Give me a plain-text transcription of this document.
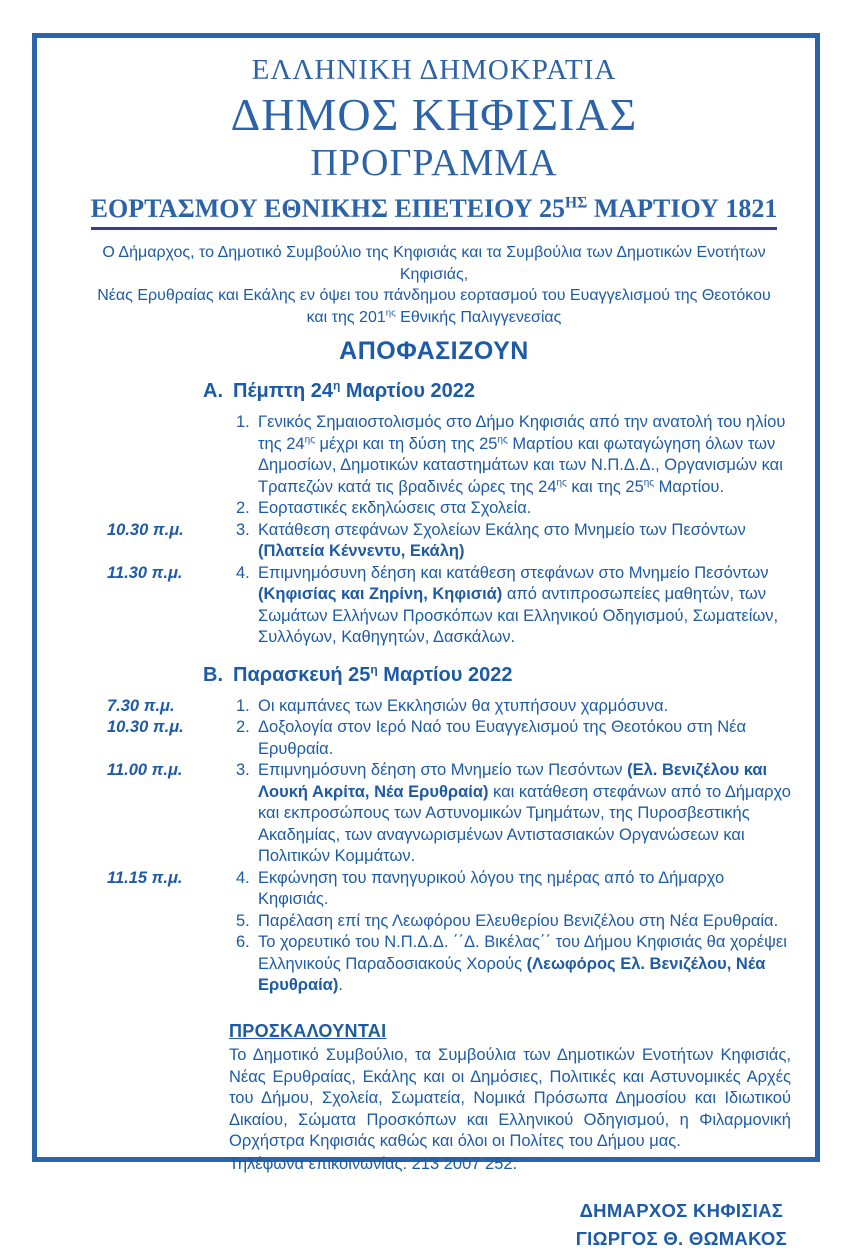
ΕΛΛΗΝΙΚΗ ΔΗΜΟΚΡΑΤΙΑ
ΔΗΜΟΣ ΚΗΦΙΣΙΑΣ
ΠΡΟΓΡΑΜΜΑ
ΕΟΡΤΑΣΜΟΥ ΕΘΝΙΚΗΣ ΕΠΕΤΕΙΟΥ $25^{H\Sigma}$ ΜΑΡΤΙΟΥ 1821
Ο Δήμαρχος, το Δημοτικό Συμβούλιο της Κηφισιάς και τα Συμβούλια των Δημοτικών Ενοτήτων Κηφισιάς,
Νέας Ερυθραίας και Εκάλης εν όψει του πάνδημου εορτασμού του Ευαγγελισμού της Θεοτόκου
και της $201^{\eta\varsigma}$ Εθνικής Παλιγγενεσίας
ΑΠΟΦΑΣΙΖΟΥΝ
Α. Πέμπτη $24^\eta$ Μαρτίου 2022
1. Γενικός Σημαιοστολισμός στο Δήμο Κηφισιάς από την ανατολή του ηλίου της $24^{\eta\varsigma}$ μέχρι και τη δύση της $25^{\eta\varsigma}$ Μαρτίου και φωταγώγηση όλων των Δημοσίων, Δημοτικών καταστημάτων και των Ν.Π.Δ.Δ., Οργανισμών και Τραπεζών κατά τις βραδινές ώρες της $24^{\eta\varsigma}$ και της $25^{\eta\varsigma}$ Μαρτίου.
2. Εορταστικές εκδηλώσεις στα Σχολεία.
10.30 π.μ.	3. Κατάθεση στεφάνων Σχολείων Εκάλης στο Μνημείο των Πεσόντων
(Πλατεία Κέννεντυ, Εκάλη)
11.30 π.μ.	4. Επιμνημόσυνη δέηση και κατάθεση στεφάνων στο Μνημείο Πεσόντων
(Κηφισίας και Ζηρίνη, Κηφισιά) από αντιπροσωπείες μαθητών, των Σωμάτων Ελλήνων Προσκόπων και Ελληνικού Οδηγισμού, Σωματείων, Συλλόγων, Καθηγητών, Δασκάλων.
Β. Παρασκευή $25^\eta$ Μαρτίου 2022
7.30 π.μ.	1. Οι καμπάνες των Εκκλησιών θα χτυπήσουν χαρμόσυνα.
10.30 π.μ.	2. Δοξολογία στον Ιερό Ναό του Ευαγγελισμού της Θεοτόκου στη Νέα Ερυθραία.
11.00 π.μ.	3. Επιμνημόσυνη δέηση στο Μνημείο των Πεσόντων (Ελ. Βενιζέλου και Λουκή Ακρίτα, Νέα Ερυθραία) και κατάθεση στεφάνων από το Δήμαρχο και εκπροσώπους των Αστυνομικών Τμημάτων, της Πυροσβεστικής Ακαδημίας, των αναγνωρισμένων Αντιστασιακών Οργανώσεων και Πολιτικών Κομμάτων.
11.15 π.μ.	4. Εκφώνηση του πανηγυρικού λόγου της ημέρας από το Δήμαρχο Κηφισιάς.
5. Παρέλαση επί της Λεωφόρου Ελευθερίου Βενιζέλου στη Νέα Ερυθραία.
6. Το χορευτικό του Ν.Π.Δ.Δ. ΄΄Δ. Βικέλας΄΄ του Δήμου Κηφισιάς θα χορέψει Ελληνικούς Παραδοσιακούς Χορούς (Λεωφόρος Ελ. Βενιζέλου, Νέα Ερυθραία).
ΠΡΟΣΚΑΛΟΥΝΤΑΙ
Το Δημοτικό Συμβούλιο, τα Συμβούλια των Δημοτικών Ενοτήτων Κηφισιάς, Νέας Ερυθραίας, Εκάλης και οι Δημόσιες, Πολιτικές και Αστυνομικές Αρχές του Δήμου, Σχολεία, Σωματεία, Νομικά Πρόσωπα Δημοσίου και Ιδιωτικού Δικαίου, Σώματα Προσκόπων και Ελληνικού Οδηγισμού, η Φιλαρμονική Ορχήστρα Κηφισιάς καθώς και όλοι οι Πολίτες του Δήμου μας.
Τηλέφωνα επικοινωνίας: 213 2007 252.
ΔΗΜΑΡΧΟΣ ΚΗΦΙΣΙΑΣ
ΓΙΩΡΓΟΣ Θ. ΘΩΜΑΚΟΣ
